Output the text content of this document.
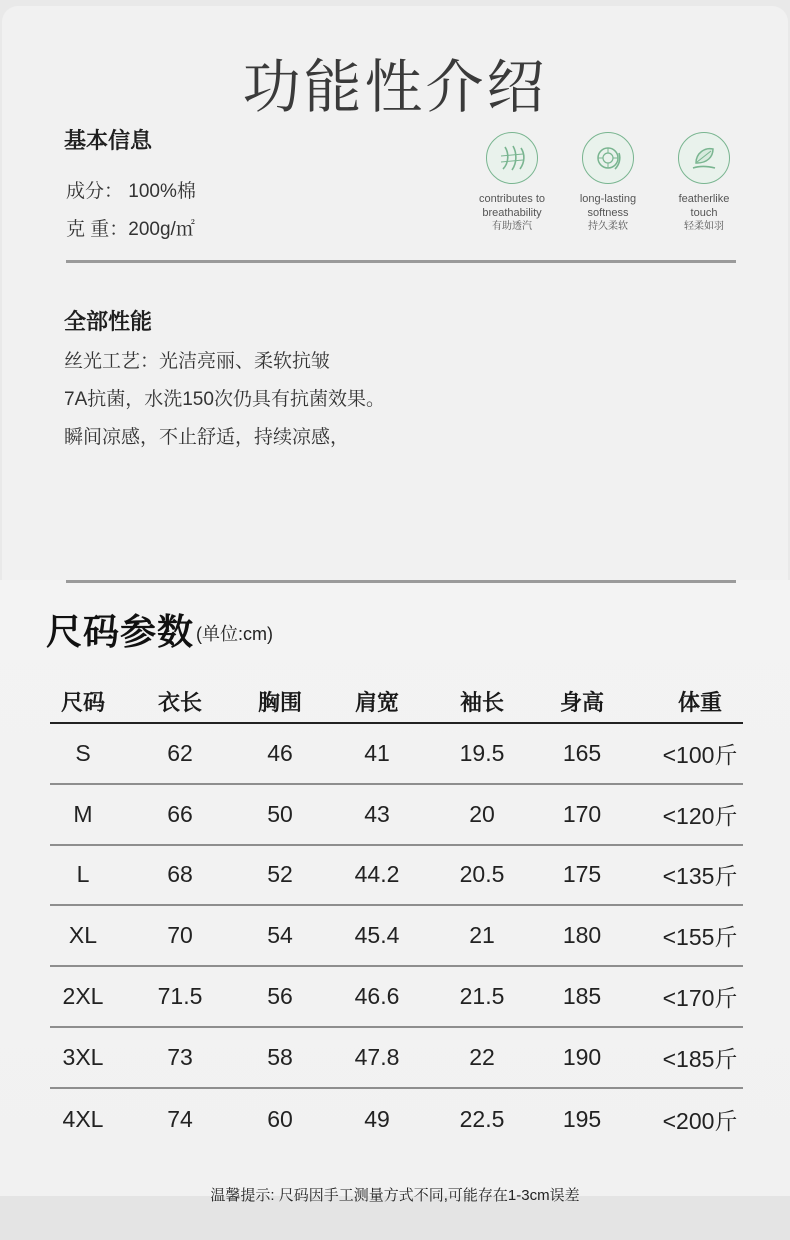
功能性介绍
基本信息
成分： 100%棉
克 重：200g/㎡
contributes to
breathability
有助透汽
long-lasting
softness
持久柔软
featherlike
touch
轻柔如羽
全部性能
丝光工艺：光洁亮丽、柔软抗皱
7A抗菌，水洗150次仍具有抗菌效果。
瞬间凉感，不止舒适，持续凉感，
尺码参数 (单位:cm)
尺码	衣长	胸围	肩宽	袖长	身高	体重
S	62	46	41	19.5	165	<100斤
M	66	50	43	20	170	<120斤
L	68	52	44.2	20.5	175	<135斤
XL	70	54	45.4	21	180	<155斤
2XL	71.5	56	46.6	21.5	185	<170斤
3XL	73	58	47.8	22	190	<185斤
4XL	74	60	49	22.5	195	<200斤
温馨提示: 尺码因手工测量方式不同,可能存在1-3cm误差
